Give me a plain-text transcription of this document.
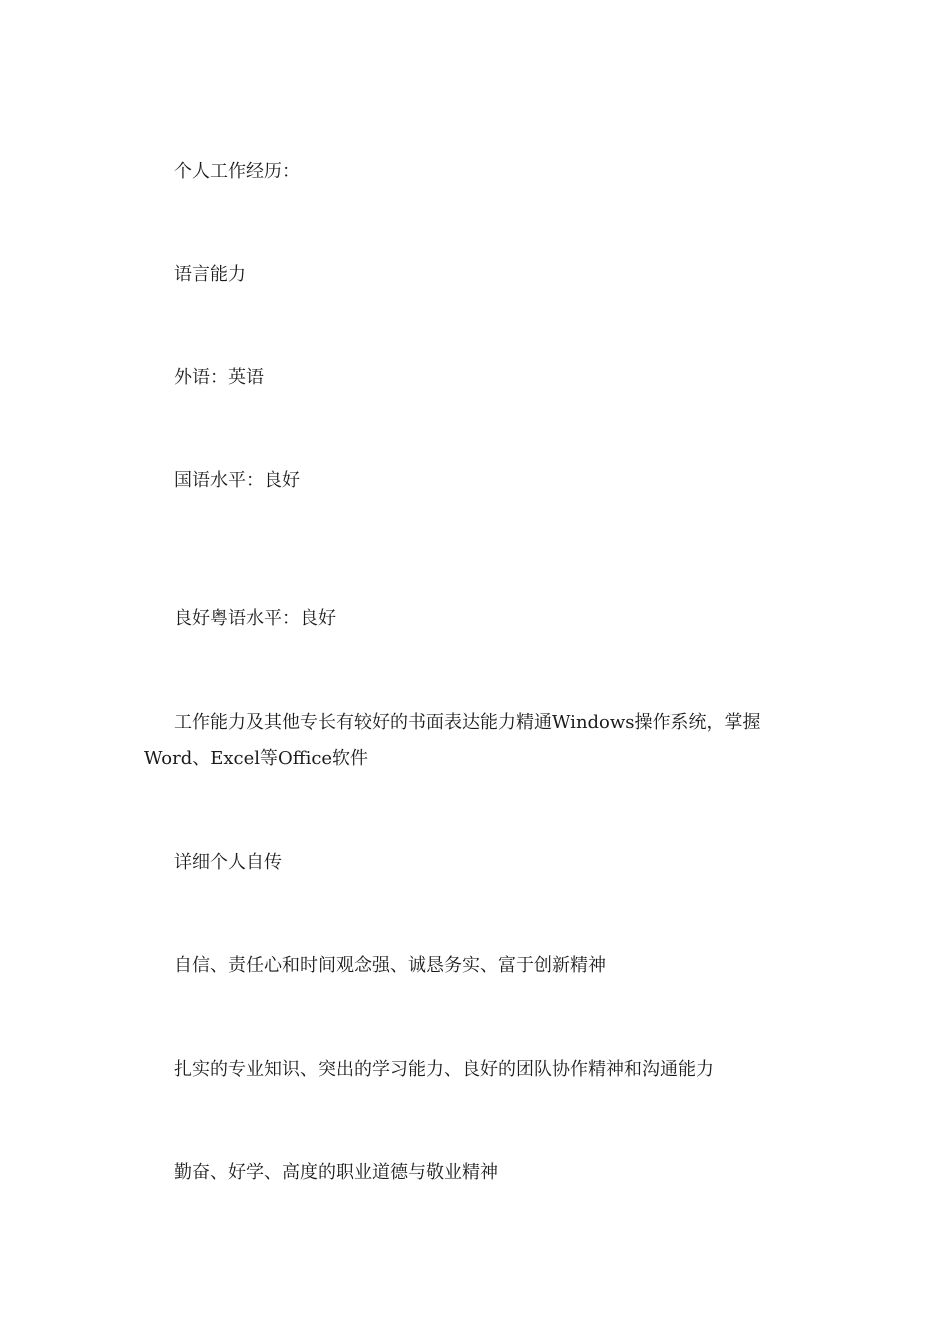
个人工作经历：

语言能力

外语：英语

国语水平：良好

良好粤语水平：良好

工作能力及其他专长有较好的书面表达能力精通Windows操作系统，掌握Word、Excel等Office软件

详细个人自传

自信、责任心和时间观念强、诚恳务实、富于创新精神

扎实的专业知识、突出的学习能力、良好的团队协作精神和沟通能力

勤奋、好学、高度的职业道德与敬业精神
